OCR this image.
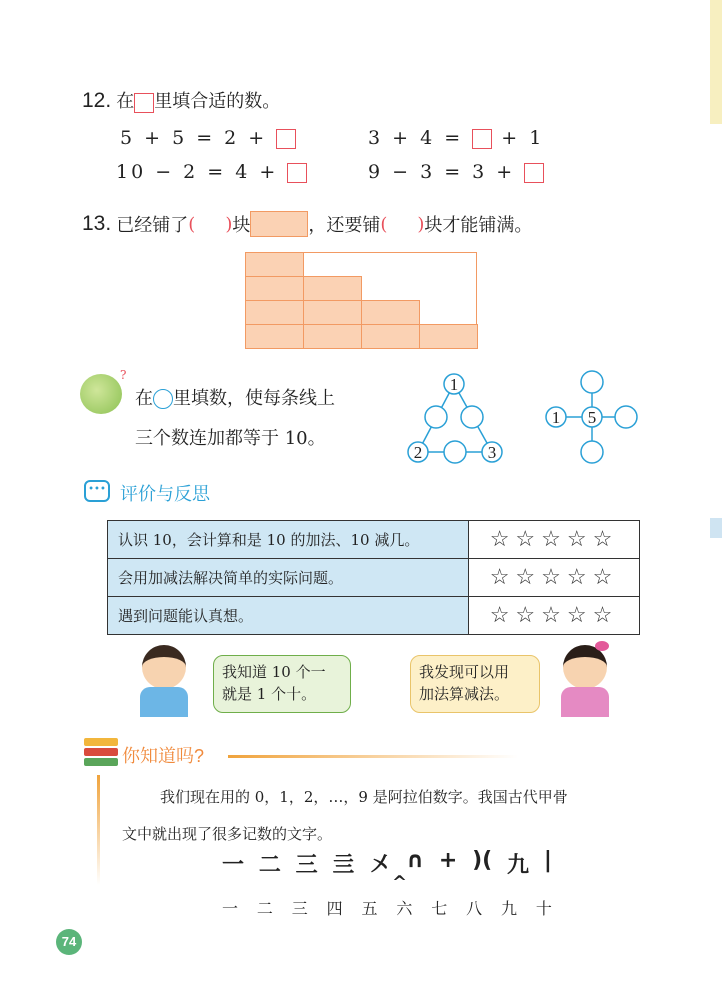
12. 在 里填合适的数。
5 + 5 = 2 +	3 + 4 = + 1
10 − 2 = 4 +	9 − 3 = 3 +
13.
已经铺了 ( ) 块	，还要铺 ( ) 块才能铺满。
?
在 里填数，使每条线上
三个数连加都等于 10。
1
2	3
1 5
••• 评价与反思
认识 10，会计算和是 10 的加法、10 减几。	☆☆☆☆☆
会用加减法解决简单的实际问题。	☆☆☆☆☆
遇到问题能认真想。	☆☆☆☆☆
我知道 10 个一
就是 1 个十。
我发现可以用
加法算减法。
你知道吗?
我们现在用的 0，1，2，…，9 是阿拉伯数字。我国古代甲骨
文中就出现了很多记数的文字。
一 二 三 亖 㐅 ∩ + )( 九 |
^
一 二 三 四 五 六 七 八 九 十
74
